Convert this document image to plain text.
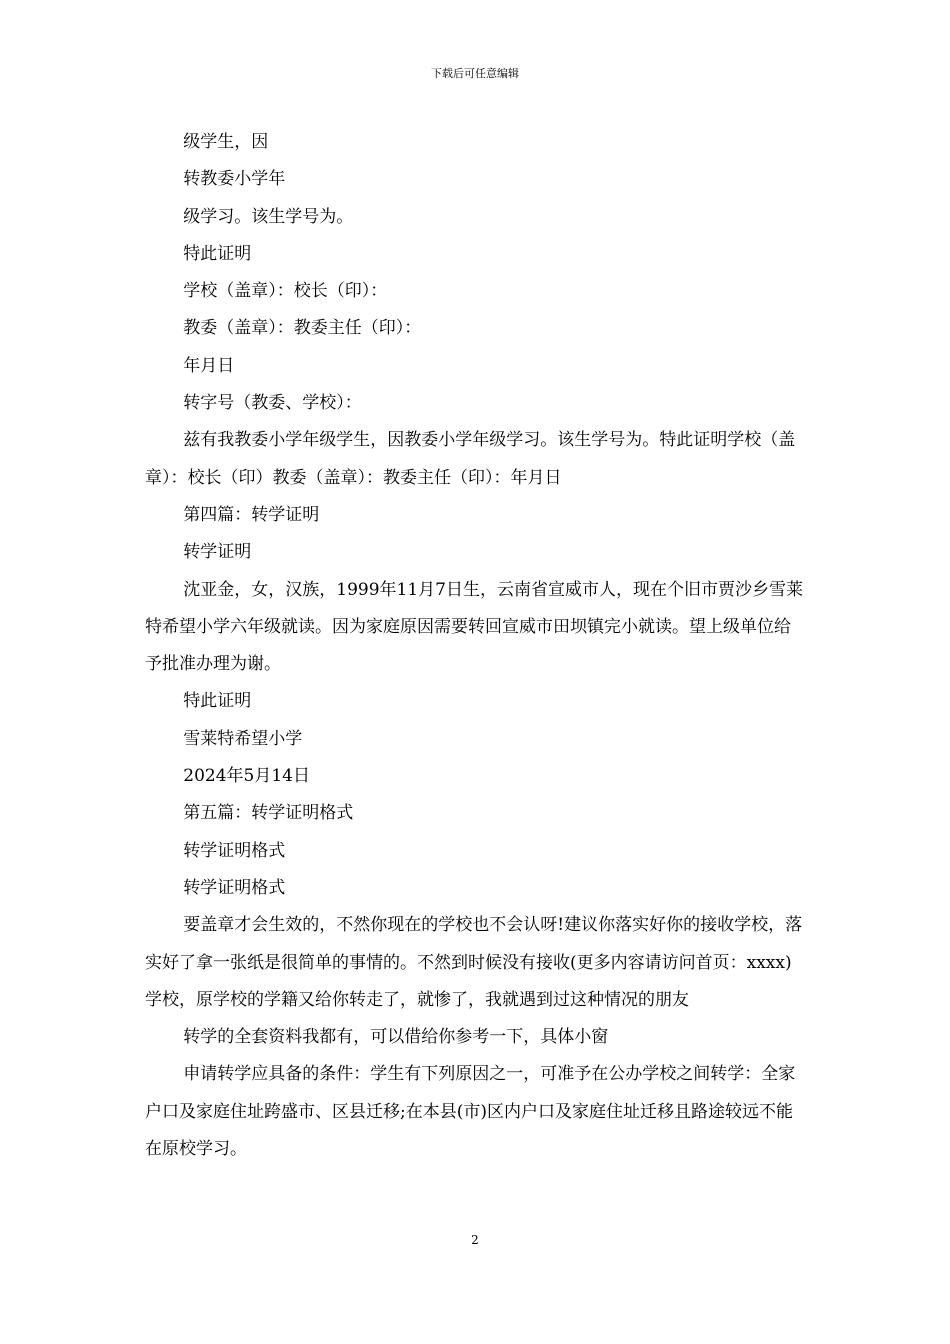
下载后可任意编辑

级学生，因

转教委小学年

级学习。该生学号为。

特此证明

学校（盖章）：校长（印）：

教委（盖章）：教委主任（印）：

年月日

转字号（教委、学校）：

兹有我教委小学年级学生，因教委小学年级学习。该生学号为。特此证明学校（盖章）：校长（印）教委（盖章）：教委主任（印）：年月日

第四篇：转学证明

转学证明

沈亚金，女，汉族，1999年11月7日生，云南省宣威市人，现在个旧市贾沙乡雪莱特希望小学六年级就读。因为家庭原因需要转回宣威市田坝镇完小就读。望上级单位给予批准办理为谢。

特此证明

雪莱特希望小学

2024年5月14日

第五篇：转学证明格式

转学证明格式

转学证明格式

要盖章才会生效的，不然你现在的学校也不会认呀!建议你落实好你的接收学校，落实好了拿一张纸是很简单的事情的。不然到时候没有接收(更多内容请访问首页：xxxx)学校，原学校的学籍又给你转走了，就惨了，我就遇到过这种情况的朋友

转学的全套资料我都有，可以借给你参考一下，具体小窗

申请转学应具备的条件：学生有下列原因之一，可准予在公办学校之间转学：全家户口及家庭住址跨盛市、区县迁移;在本县(市)区内户口及家庭住址迁移且路途较远不能在原校学习。

2
